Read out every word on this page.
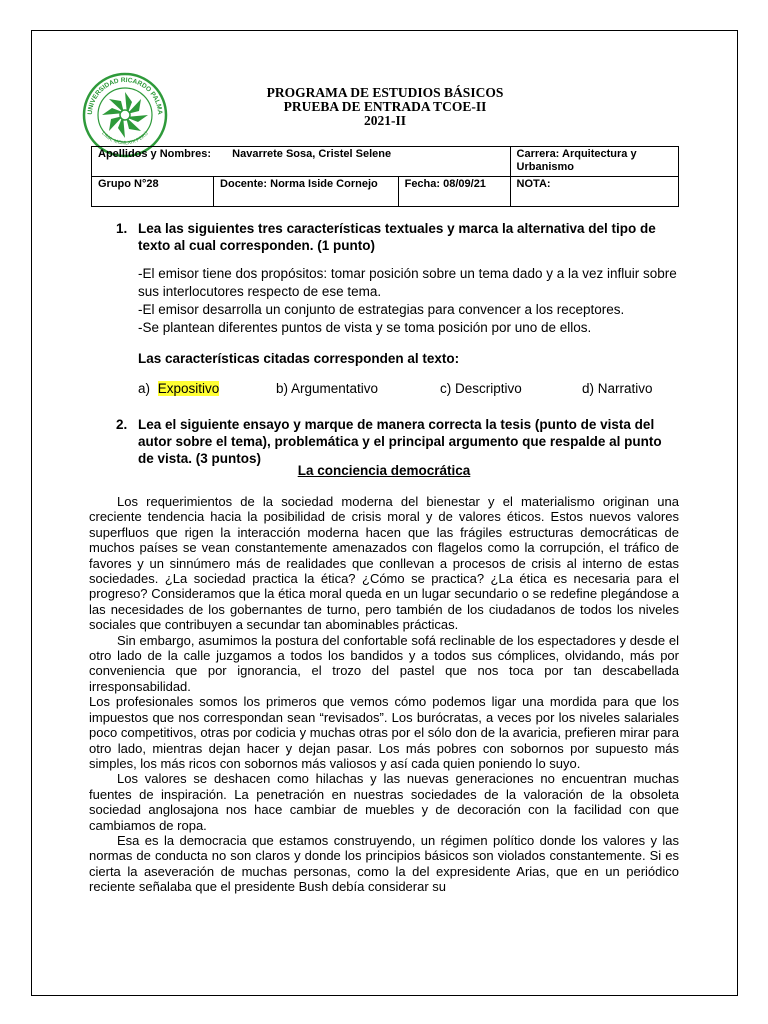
UNIVERSIDAD RICARDO PALMA
LIMA, MCMLXIX PERÚ
PROGRAMA DE ESTUDIOS BÁSICOS
PRUEBA DE ENTRADA TCOE-II
2021-II
Apellidos y Nombres: Navarrete Sosa, Cristel Selene			Carrera: Arquitectura y Urbanismo
Grupo N°28	Docente: Norma Iside Cornejo	Fecha: 08/09/21	NOTA:
1. Lea las siguientes tres características textuales y marca la alternativa del tipo de texto al cual corresponden. (1 punto)
-El emisor tiene dos propósitos: tomar posición sobre un tema dado y a la vez influir sobre sus interlocutores respecto de ese tema.
-El emisor desarrolla un conjunto de estrategias para convencer a los receptores.
-Se plantean diferentes puntos de vista y se toma posición por uno de ellos.
Las características citadas corresponden al texto:
a) Expositivo	b) Argumentativo	c) Descriptivo	d) Narrativo
2. Lea el siguiente ensayo y marque de manera correcta la tesis (punto de vista del autor sobre el tema), problemática y el principal argumento que respalde al punto de vista. (3 puntos)
La conciencia democrática

Los requerimientos de la sociedad moderna del bienestar y el materialismo originan una creciente tendencia hacia la posibilidad de crisis moral y de valores éticos. Estos nuevos valores superfluos que rigen la interacción moderna hacen que las frágiles estructuras democráticas de muchos países se vean constantemente amenazados con flagelos como la corrupción, el tráfico de favores y un sinnúmero más de realidades que conllevan a procesos de crisis al interno de estas sociedades. ¿La sociedad practica la ética? ¿Cómo se practica? ¿La ética es necesaria para el progreso? Consideramos que la ética moral queda en un lugar secundario o se redefine plegándose a las necesidades de los gobernantes de turno, pero también de los ciudadanos de todos los niveles sociales que contribuyen a secundar tan abominables prácticas.

Sin embargo, asumimos la postura del confortable sofá reclinable de los espectadores y desde el otro lado de la calle juzgamos a todos los bandidos y a todos sus cómplices, olvidando, más por conveniencia que por ignorancia, el trozo del pastel que nos toca por tan descabellada irresponsabilidad.

Los profesionales somos los primeros que vemos cómo podemos ligar una mordida para que los impuestos que nos correspondan sean “revisados”. Los burócratas, a veces por los niveles salariales poco competitivos, otras por codicia y muchas otras por el sólo don de la avaricia, prefieren mirar para otro lado, mientras dejan hacer y dejan pasar. Los más pobres con sobornos por supuesto más simples, los más ricos con sobornos más valiosos y así cada quien poniendo lo suyo.

Los valores se deshacen como hilachas y las nuevas generaciones no encuentran muchas fuentes de inspiración. La penetración en nuestras sociedades de la valoración de la obsoleta sociedad anglosajona nos hace cambiar de muebles y de decoración con la facilidad con que cambiamos de ropa.

Esa es la democracia que estamos construyendo, un régimen político donde los valores y las normas de conducta no son claros y donde los principios básicos son violados constantemente. Si es cierta la aseveración de muchas personas, como la del expresidente Arias, que en un periódico reciente señalaba que el presidente Bush debía considerar su
